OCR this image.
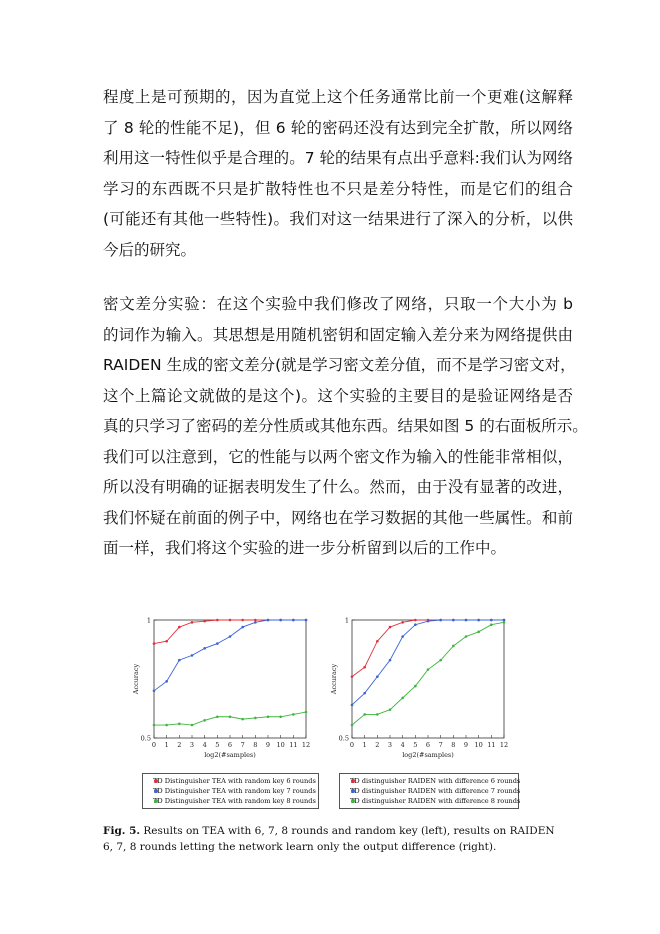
程度上是可预期的，因为直觉上这个任务通常比前一个更难(这解释
了 8 轮的性能不足)，但 6 轮的密码还没有达到完全扩散，所以网络
利用这一特性似乎是合理的。7 轮的结果有点出乎意料:我们认为网络
学习的东西既不只是扩散特性也不只是差分特性，而是它们的组合
(可能还有其他一些特性)。我们对这一结果进行了深入的分析，以供
今后的研究。
密文差分实验：在这个实验中我们修改了网络，只取一个大小为 b
的词作为输入。其思想是用随机密钥和固定输入差分来为网络提供由
RAIDEN 生成的密文差分(就是学习密文差分值，而不是学习密文对，
这个上篇论文就做的是这个)。这个实验的主要目的是验证网络是否
真的只学习了密码的差分性质或其他东西。结果如图 5 的右面板所示。
我们可以注意到，它的性能与以两个密文作为输入的性能非常相似，
所以没有明确的证据表明发生了什么。然而，由于没有显著的改进，
我们怀疑在前面的例子中，网络也在学习数据的其他一些属性。和前
面一样，我们将这个实验的进一步分析留到以后的工作中。
0 1 2 3 4 5 6 7 8 9 10 11 12
0.5
1
log2(#samples)
Accuracy
0 1 2 3 4 5 6 7 8 9 10 11 12
0.5
1
log2(#samples)
Accuracy
TD Distinguisher TEA with random key 6 rounds
TD Distinguisher TEA with random key 7 rounds
TD Distinguisher TEA with random key 8 rounds
TD distinguisher RAIDEN with difference 6 rounds
TD distinguisher RAIDEN with difference 7 rounds
TD distinguisher RAIDEN with difference 8 rounds
Fig. 5. Results on TEA with 6, 7, 8 rounds and random key (left), results on RAIDEN 6, 7, 8 rounds letting the network learn only the output difference (right).
